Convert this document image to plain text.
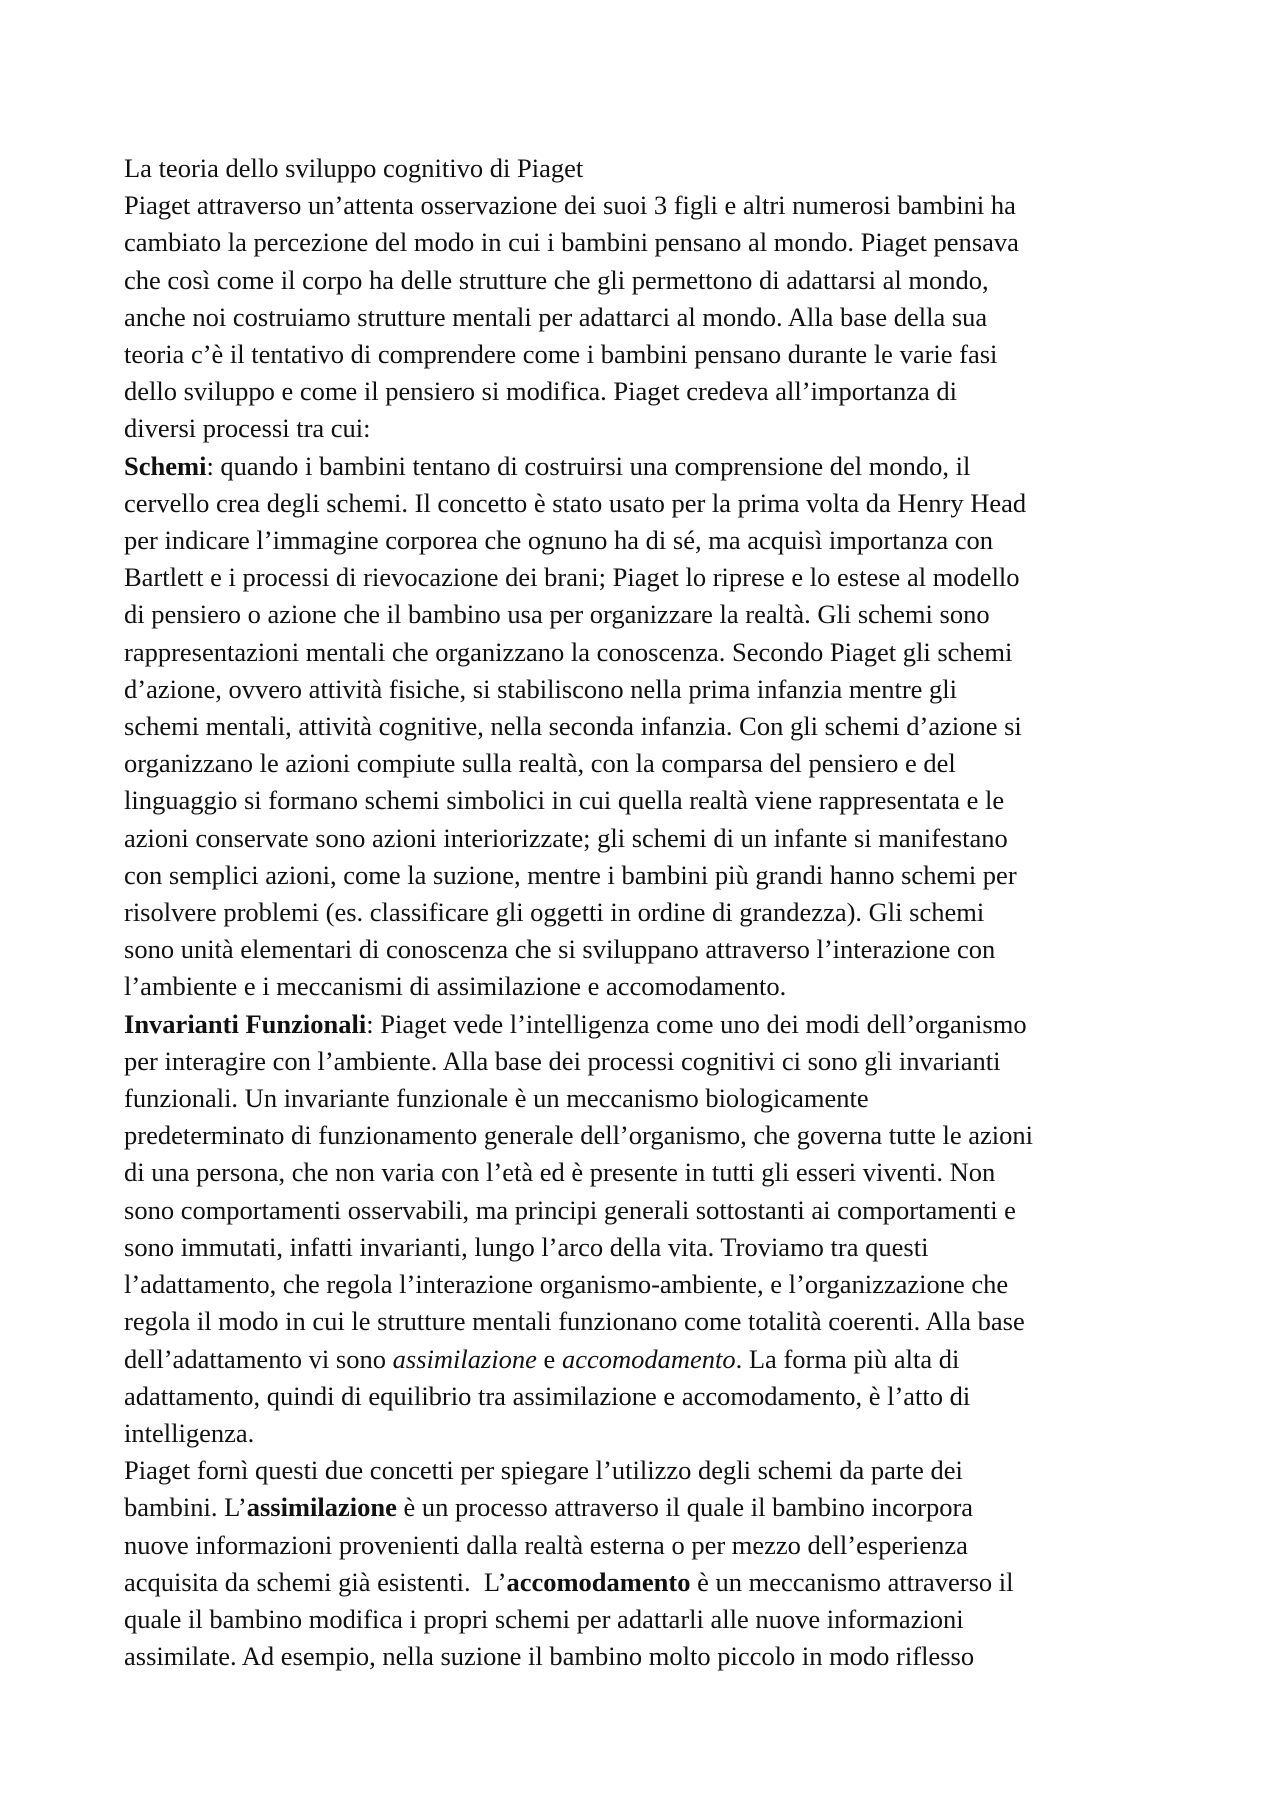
La teoria dello sviluppo cognitivo di Piaget
Piaget attraverso un’attenta osservazione dei suoi 3 figli e altri numerosi bambini ha
cambiato la percezione del modo in cui i bambini pensano al mondo. Piaget pensava
che così come il corpo ha delle strutture che gli permettono di adattarsi al mondo,
anche noi costruiamo strutture mentali per adattarci al mondo. Alla base della sua
teoria c’è il tentativo di comprendere come i bambini pensano durante le varie fasi
dello sviluppo e come il pensiero si modifica. Piaget credeva all’importanza di
diversi processi tra cui:
Schemi: quando i bambini tentano di costruirsi una comprensione del mondo, il
cervello crea degli schemi. Il concetto è stato usato per la prima volta da Henry Head
per indicare l’immagine corporea che ognuno ha di sé, ma acquisì importanza con
Bartlett e i processi di rievocazione dei brani; Piaget lo riprese e lo estese al modello
di pensiero o azione che il bambino usa per organizzare la realtà. Gli schemi sono
rappresentazioni mentali che organizzano la conoscenza. Secondo Piaget gli schemi
d’azione, ovvero attività fisiche, si stabiliscono nella prima infanzia mentre gli
schemi mentali, attività cognitive, nella seconda infanzia. Con gli schemi d’azione si
organizzano le azioni compiute sulla realtà, con la comparsa del pensiero e del
linguaggio si formano schemi simbolici in cui quella realtà viene rappresentata e le
azioni conservate sono azioni interiorizzate; gli schemi di un infante si manifestano
con semplici azioni, come la suzione, mentre i bambini più grandi hanno schemi per
risolvere problemi (es. classificare gli oggetti in ordine di grandezza). Gli schemi
sono unità elementari di conoscenza che si sviluppano attraverso l’interazione con
l’ambiente e i meccanismi di assimilazione e accomodamento.
Invarianti Funzionali: Piaget vede l’intelligenza come uno dei modi dell’organismo
per interagire con l’ambiente. Alla base dei processi cognitivi ci sono gli invarianti
funzionali. Un invariante funzionale è un meccanismo biologicamente
predeterminato di funzionamento generale dell’organismo, che governa tutte le azioni
di una persona, che non varia con l’età ed è presente in tutti gli esseri viventi. Non
sono comportamenti osservabili, ma principi generali sottostanti ai comportamenti e
sono immutati, infatti invarianti, lungo l’arco della vita. Troviamo tra questi
l’adattamento, che regola l’interazione organismo-ambiente, e l’organizzazione che
regola il modo in cui le strutture mentali funzionano come totalità coerenti. Alla base
dell’adattamento vi sono assimilazione e accomodamento. La forma più alta di
adattamento, quindi di equilibrio tra assimilazione e accomodamento, è l’atto di
intelligenza.
Piaget fornì questi due concetti per spiegare l’utilizzo degli schemi da parte dei
bambini. L’assimilazione è un processo attraverso il quale il bambino incorpora
nuove informazioni provenienti dalla realtà esterna o per mezzo dell’esperienza
acquisita da schemi già esistenti.  L’accomodamento è un meccanismo attraverso il
quale il bambino modifica i propri schemi per adattarli alle nuove informazioni
assimilate. Ad esempio, nella suzione il bambino molto piccolo in modo riflesso
